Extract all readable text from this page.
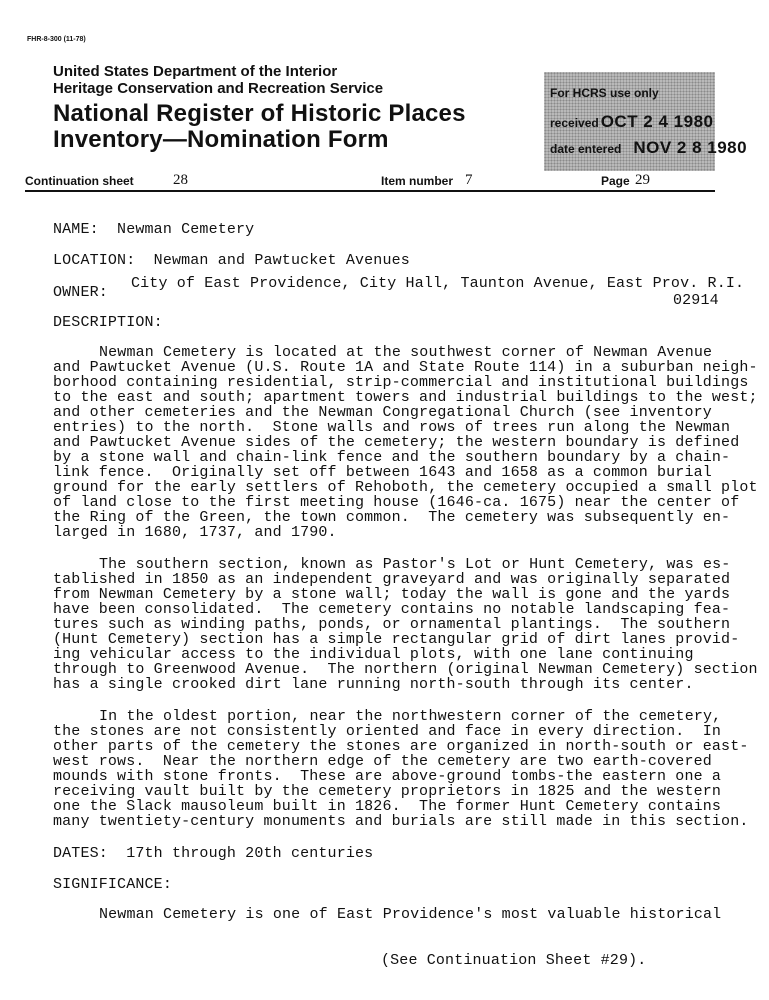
FHR-8-300 (11-78)
United States Department of the Interior
Heritage Conservation and Recreation Service
National Register of Historic Places
Inventory—Nomination Form
For HCRS use only
received OCT 2 4 1980
date entered NOV 2 8 1980
Continuation sheet	28	Item number 7	Page 29
NAME:  Newman Cemetery
LOCATION:  Newman and Pawtucket Avenues
City of East Providence, City Hall, Taunton Avenue, East Prov. R.I.
OWNER:	02914
DESCRIPTION:
Newman Cemetery is located at the southwest corner of Newman Avenue
and Pawtucket Avenue (U.S. Route 1A and State Route 114) in a suburban neigh-
borhood containing residential, strip-commercial and institutional buildings
to the east and south; apartment towers and industrial buildings to the west;
and other cemeteries and the Newman Congregational Church (see inventory
entries) to the north.  Stone walls and rows of trees run along the Newman
and Pawtucket Avenue sides of the cemetery; the western boundary is defined
by a stone wall and chain-link fence and the southern boundary by a chain-
link fence.  Originally set off between 1643 and 1658 as a common burial
ground for the early settlers of Rehoboth, the cemetery occupied a small plot
of land close to the first meeting house (1646-ca. 1675) near the center of
the Ring of the Green, the town common.  The cemetery was subsequently en-
larged in 1680, 1737, and 1790.
The southern section, known as Pastor's Lot or Hunt Cemetery, was es-
tablished in 1850 as an independent graveyard and was originally separated
from Newman Cemetery by a stone wall; today the wall is gone and the yards
have been consolidated.  The cemetery contains no notable landscaping fea-
tures such as winding paths, ponds, or ornamental plantings.  The southern
(Hunt Cemetery) section has a simple rectangular grid of dirt lanes provid-
ing vehicular access to the individual plots, with one lane continuing
through to Greenwood Avenue.  The northern (original Newman Cemetery) section
has a single crooked dirt lane running north-south through its center.
In the oldest portion, near the northwestern corner of the cemetery,
the stones are not consistently oriented and face in every direction.  In
other parts of the cemetery the stones are organized in north-south or east-
west rows.  Near the northern edge of the cemetery are two earth-covered
mounds with stone fronts.  These are above-ground tombs-the eastern one a
receiving vault built by the cemetery proprietors in 1825 and the western
one the Slack mausoleum built in 1826.  The former Hunt Cemetery contains
many twentiety-century monuments and burials are still made in this section.
DATES:  17th through 20th centuries
SIGNIFICANCE:
Newman Cemetery is one of East Providence's most valuable historical
(See Continuation Sheet #29).
